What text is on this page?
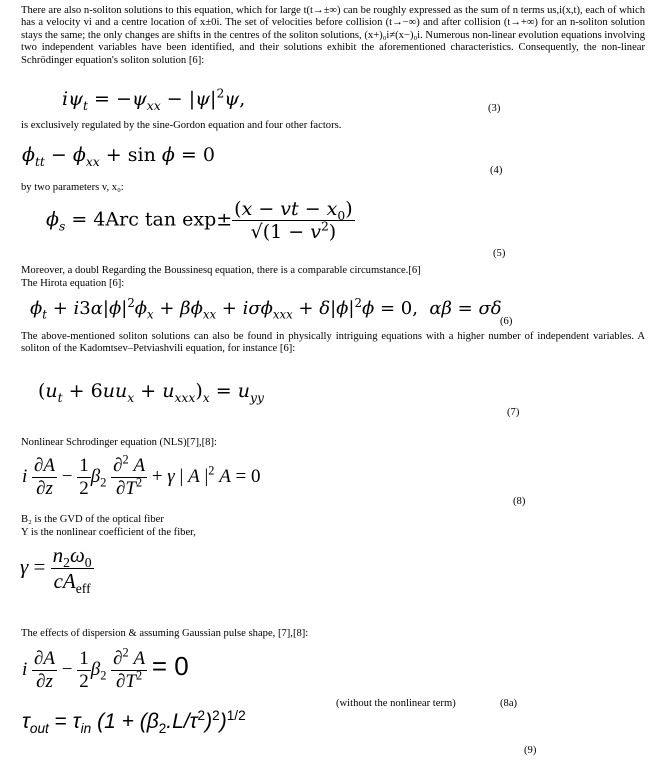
There are also n-soliton solutions to this equation, which for large t(t→±∞) can be roughly expressed as the sum of n terms us,i(x,t), each of which has a velocity vi and a centre location of x±0i. The set of velocities before collision (t→−∞) and after collision (t→+∞) for an n-soliton solution stays the same; the only changes are shifts in the centres of the soliton solutions, (x+)₀i≠(x−)₀i. Numerous non-linear evolution equations involving two independent variables have been identified, and their solutions exhibit the aforementioned characteristics. Consequently, the non-linear Schrödinger equation's soliton solution [6]:

$i\psi_t = -\psi_{xx} - |\psi|^2\psi$,	(3)

is exclusively regulated by the sine-Gordon equation and four other factors.

$\phi_{tt} - \phi_{xx} + \sin \phi = 0$
(4)

by two parameters v, x₀:

$\phi_s = 4Arc$ $\tan \exp\pm \frac{(x - vt - x_0)}{√(1 - v^2)}$
(5)

Moreover, a doubl Regarding the Boussinesq equation, there is a comparable circumstance.[6]

The Hirota equation [6]:

$\phi_t + i3\alpha|\phi|^2\phi_x + \beta\phi_{xx} + i\sigma\phi_{xxx} + \delta|\phi|^2\phi = 0$,  αβ = σδ
(6)

The above-mentioned soliton solutions can also be found in physically intriguing equations with a higher number of independent variables. A soliton of the Kadomtsev–Petviashvili equation, for instance [6]:

$(u_t + 6uu_x + u_{xxx})_x = u_{yy}$
(7)

Nonlinear Schrodinger equation (NLS)[7],[8]:

i $\frac{\partial A}{\partial z} - \frac{1}{2} \beta_2 \frac{\partial^2 A}{\partial T^2} + \gamma$ | A $|^2$ A = 0
(8)

B₂ is the GVD of the optical fiber

Y is the nonlinear coefficient of the fiber,

$\gamma = \frac{n_2\omega_0}{cA_{eff}}$

The effects of dispersion & assuming Gaussian pulse shape, [7],[8]:

i $\frac{\partial A}{\partial z} - \frac{1}{2} \beta_2 \frac{\partial^2 A}{\partial T^2} = 0$
(without the nonlinear term)	(8a)
$\tau_{out} = \tau_{in}$ $(1 + (\beta_2.L/\tau^2)^2)^{1/2}$
(9)
